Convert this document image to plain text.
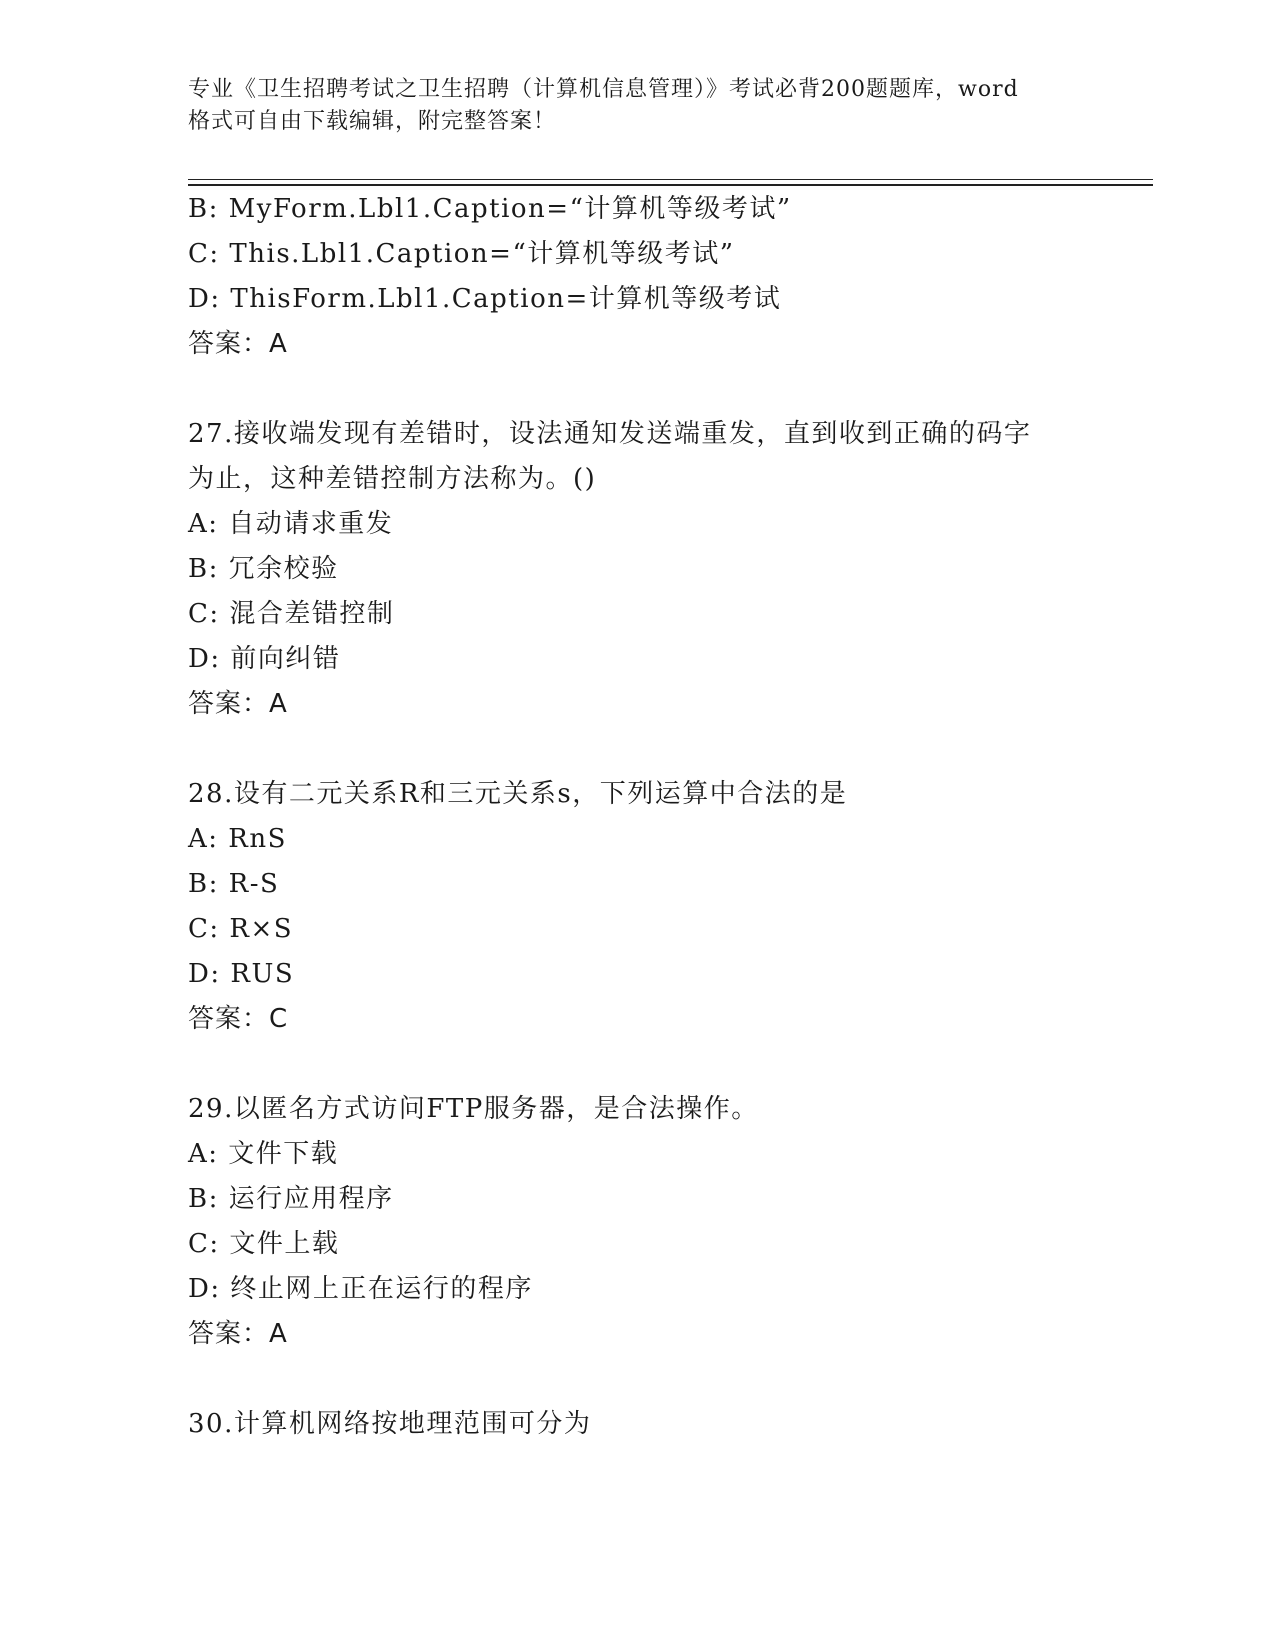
专业《卫生招聘考试之卫生招聘（计算机信息管理）》考试必背200题题库，word
格式可自由下载编辑，附完整答案！
B: MyForm.Lbl1.Caption=“计算机等级考试”
C: This.Lbl1.Caption=“计算机等级考试”
D: ThisForm.Lbl1.Caption=计算机等级考试
答案：A
27.接收端发现有差错时，设法通知发送端重发，直到收到正确的码字
为止，这种差错控制方法称为。()
A: 自动请求重发
B: 冗余校验
C: 混合差错控制
D: 前向纠错
答案：A
28.设有二元关系R和三元关系s，下列运算中合法的是
A: RnS
B: R-S
C: R×S
D: RUS
答案：C
29.以匿名方式访问FTP服务器，是合法操作。
A: 文件下载
B: 运行应用程序
C: 文件上载
D: 终止网上正在运行的程序
答案：A
30.计算机网络按地理范围可分为
